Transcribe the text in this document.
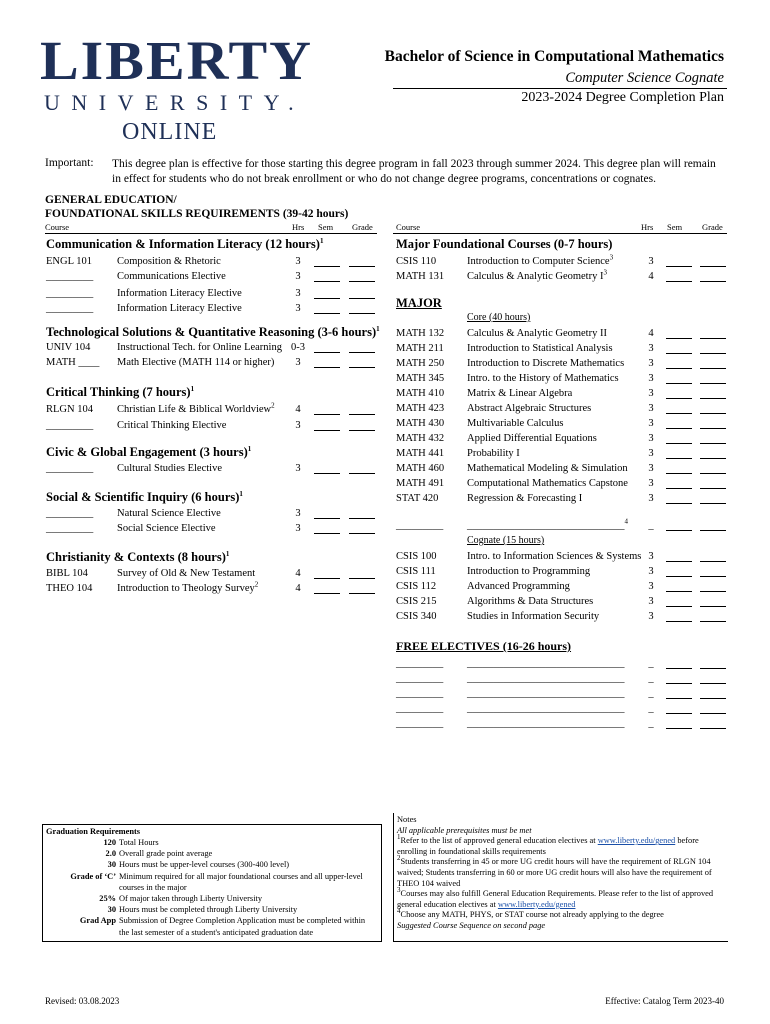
LIBERTY
UNIVERSITY.
ONLINE
Bachelor of Science in Computational Mathematics
Computer Science Cognate
2023-2024 Degree Completion Plan
Important: This degree plan is effective for those starting this degree program in fall 2023 through summer 2024. This degree plan will remain in effect for students who do not break enrollment or who do not change degree programs, concentrations or cognates.
GENERAL EDUCATION/
FOUNDATIONAL SKILLS REQUIREMENTS (39-42 hours)
Course	Hrs Sem Grade	Course	Hrs Sem Grade
Communication & Information Literacy (12 hours)$^1$
ENGL 101 Composition & Rhetoric	3
_________ Communications Elective	3
_________ Information Literacy Elective	3
_________ Information Literacy Elective	3
Technological Solutions & Quantitative Reasoning (3-6 hours)$^1$
UNIV 104	Instructional Tech. for Online Learning 0-3
MATH ____ Math Elective (MATH 114 or higher)	3
Critical Thinking (7 hours)$^1$
RLGN 104 Christian Life & Biblical Worldview$^2$	4
_________ Critical Thinking Elective	3
Civic & Global Engagement (3 hours)$^1$
_________ Cultural Studies Elective	3
Social & Scientific Inquiry (6 hours)$^1$
_________ Natural Science Elective	3
_________ Social Science Elective	3
Christianity & Contexts (8 hours)$^1$
BIBL 104	Survey of Old & New Testament	4
THEO 104 Introduction to Theology Survey$^2$	4
Major Foundational Courses (0-7 hours)
CSIS 110	Introduction to Computer Science$^3$	3
MATH 131 Calculus & Analytic Geometry $I^3$	4
MAJOR
Core (40 hours)
MATH 132 Calculus & Analytic Geometry II	4
MATH 211 Introduction to Statistical Analysis	3
MATH 250 Introduction to Discrete Mathematics	3
MATH 345 Intro. to the History of Mathematics	3
MATH 410 Matrix & Linear Algebra	3
MATH 423 Abstract Algebraic Structures	3
MATH 430 Multivariable Calculus	3
MATH 432 Applied Differential Equations	3
MATH 441 Probability I	3
MATH 460 Mathematical Modeling & Simulation	3
MATH 491 Computational Mathematics Capstone	3
STAT 420	Regression & Forecasting I	3
_________ ______________________________$^4$	_
Cognate (15 hours)
CSIS 100	Intro. to Information Sciences & Systems 3
CSIS 111	Introduction to Programming	3
CSIS 112	Advanced Programming	3
CSIS 215	Algorithms & Data Structures	3
CSIS 340	Studies in Information Security	3
FREE ELECTIVES (16-26 hours)
_________ ______________________________	_
_________ ______________________________	_
_________ ______________________________	_
_________ ______________________________	_
_________ ______________________________	_
Graduation Requirements
120 Total Hours
2.0 Overall grade point average
30 Hours must be upper-level courses (300-400 level)
Grade of ‘C’ Minimum required for all major foundational courses and all upper-level courses in the major
25% Of major taken through Liberty University
30 Hours must be completed through Liberty University
Grad App Submission of Degree Completion Application must be completed within the last semester of a student's anticipated graduation date
Notes
All applicable prerequisites must be met
$^1$Refer to the list of approved general education electives at www.liberty.edu/gened before enrolling in foundational skills requirements
$^2$Students transferring in 45 or more UG credit hours will have the requirement of RLGN 104 waived; Students transferring in 60 or more UG credit hours will also have the requirement of THEO 104 waived
$^3$Courses may also fulfill General Education Requirements. Please refer to the list of approved general education electives at www.liberty.edu/gened
$^4$Choose any MATH, PHYS, or STAT course not already applying to the degree
Suggested Course Sequence on second page
Revised: 03.08.2023	Effective: Catalog Term 2023-40
